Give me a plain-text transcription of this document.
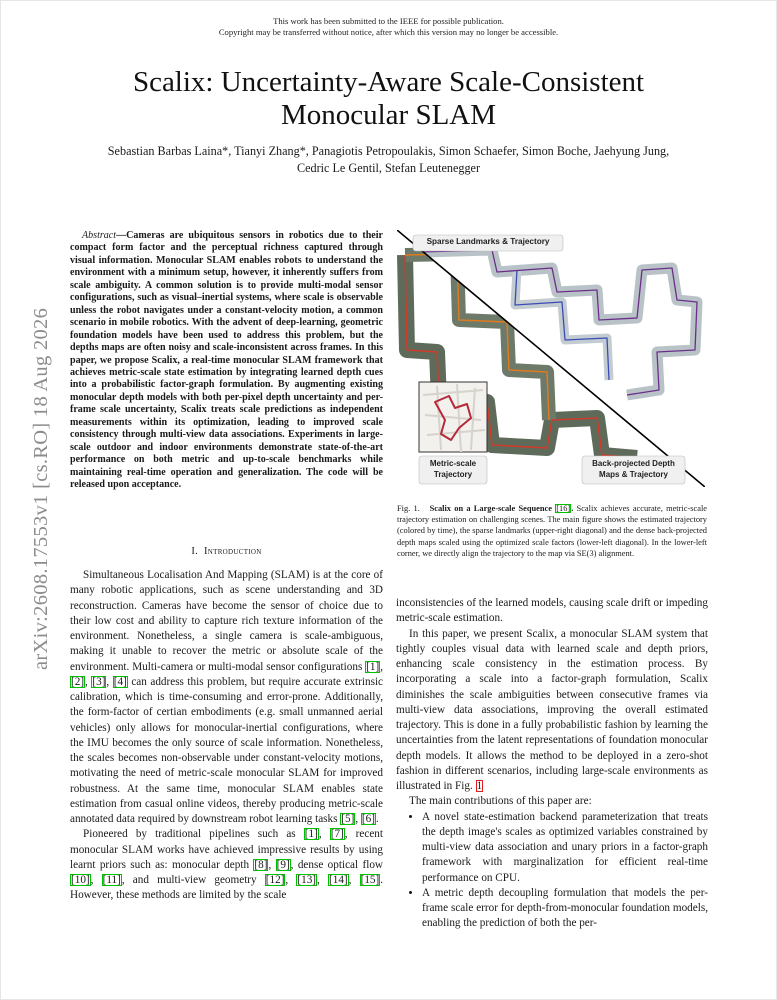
This work has been submitted to the IEEE for possible publication.
Copyright may be transferred without notice, after which this version may no longer be accessible.
Scalix: Uncertainty-Aware Scale-Consistent
Monocular SLAM
Sebastian Barbas Laina*, Tianyi Zhang*, Panagiotis Petropoulakis, Simon Schaefer, Simon Boche, Jaehyung Jung,
Cedric Le Gentil, Stefan Leutenegger
arXiv:2608.17553v1 [cs.RO] 18 Aug 2026
Abstract—Cameras are ubiquitous sensors in robotics due to their compact form factor and the perceptual richness captured through visual information. Monocular SLAM enables robots to understand the environment with a minimum setup, however, it inherently suffers from scale ambiguity. A common solution is to provide multi-modal sensor configurations, such as visual–inertial systems, where scale is observable unless the robot navigates under a constant-velocity motion, a common scenario in mobile robotics. With the advent of deep-learning, geometric foundation models have been used to address this problem, but the depths maps are often noisy and scale-inconsistent across frames. In this paper, we propose Scalix, a real-time monocular SLAM framework that achieves metric-scale state estimation by integrating learned depth cues into a probabilistic factor-graph formulation. By augmenting existing monocular depth models with both per-pixel depth uncertainty and per-frame scale uncertainty, Scalix treats scale predictions as independent measurements within its optimization, leading to improved scale consistency through multi-view data associations. Experiments in large-scale outdoor and indoor environments demonstrate state-of-the-art performance on both metric and up-to-scale benchmarks while maintaining real-time operation and generalization. The code will be released upon acceptance.
I. Introduction

Simultaneous Localisation And Mapping (SLAM) is at the core of many robotic applications, such as scene understanding and 3D reconstruction. Cameras have become the sensor of choice due to their low cost and ability to capture rich texture information of the environment. Nonetheless, a single camera is scale-ambiguous, making it unable to recover the metric or absolute scale of the environment. Multi-camera or multi-modal sensor configurations [1], [2], [3], [4] can address this problem, but require accurate extrinsic calibration, which is time-consuming and error-prone. Additionally, the form-factor of certian embodiments (e.g. small unmanned aerial vehicles) only allows for monocular-inertial configurations, where the IMU becomes the only source of scale information. Nonetheless, the scales becomes non-observable under constant-velocity motions, motivating the need of metric-scale monocular SLAM for improved robustness. At the same time, monocular SLAM enables state estimation from casual online videos, thereby producing metric-scale annotated data required by downstream robot learning tasks [5], [6].

Pioneered by traditional pipelines such as [1], [7], recent monocular SLAM works have achieved impressive results by using learnt priors such as: monocular depth [8], [9], dense optical flow [10], [11], and multi-view geometry [12], [13], [14], [15]. However, these methods are limited by the scale

Sparse Landmarks & Trajectory
Metric-scale Trajectory
Back-projected Depth Maps & Trajectory
Fig. 1. Scalix on a Large-scale Sequence [16]. Scalix achieves accurate, metric-scale trajectory estimation on challenging scenes. The main figure shows the estimated trajectory (colored by time), the sparse landmarks (upper-right diagonal) and the dense back-projected depth maps scaled using the optimized scale factors (lower-left diagonal). In the lower-left corner, we directly align the trajectory to the map via SE(3) alignment.

inconsistencies of the learned models, causing scale drift or impeding metric-scale estimation.

In this paper, we present Scalix, a monocular SLAM system that tightly couples visual data with learned scale and depth priors, enhancing scale consistency in the estimation process. By incorporating a scale into a factor-graph formulation, Scalix diminishes the scale ambiguities between consecutive frames via multi-view data associations, improving the overall estimated trajectory. This is done in a fully probabilistic fashion by learning the uncertainties from the latent representations of foundation monocular depth models. It allows the method to be deployed in a zero-shot fashion in different scenarios, including large-scale environments as illustrated in Fig. 1

The main contributions of this paper are:

• A novel state-estimation backend parameterization that treats the depth image's scales as optimized variables constrained by multi-view data association and unary priors in a factor-graph framework with marginalization for efficient real-time performance on CPU.
• A metric depth decoupling formulation that models the per-frame scale error for depth-from-monocular foundation models, enabling the prediction of both the per-
